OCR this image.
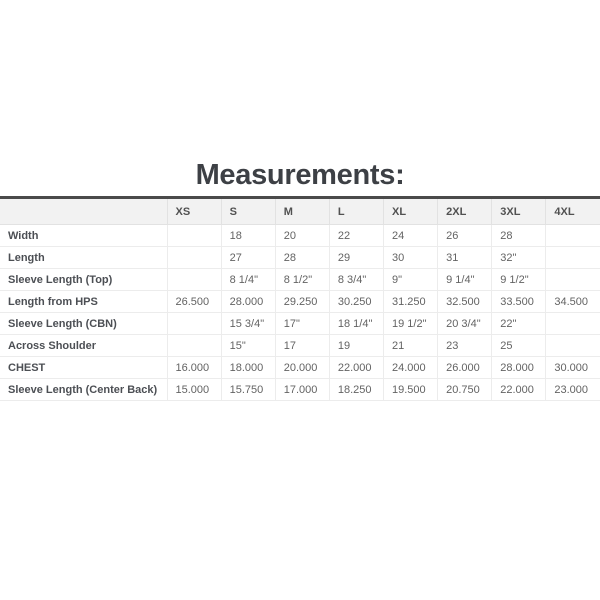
Measurements:
	XS	S	M	L	XL	2XL	3XL	4XL
Width		18	20	22	24	26	28	
Length		27	28	29	30	31	32"	
Sleeve Length (Top)		8 1/4"	8 1/2"	8 3/4"	9"	9 1/4"	9 1/2"	
Length from HPS	26.500	28.000	29.250	30.250	31.250	32.500	33.500	34.500
Sleeve Length (CBN)		15 3/4"	17"	18 1/4"	19 1/2"	20 3/4"	22"	
Across Shoulder		15"	17	19	21	23	25	
CHEST	16.000	18.000	20.000	22.000	24.000	26.000	28.000	30.000
Sleeve Length (Center Back)	15.000	15.750	17.000	18.250	19.500	20.750	22.000	23.000
